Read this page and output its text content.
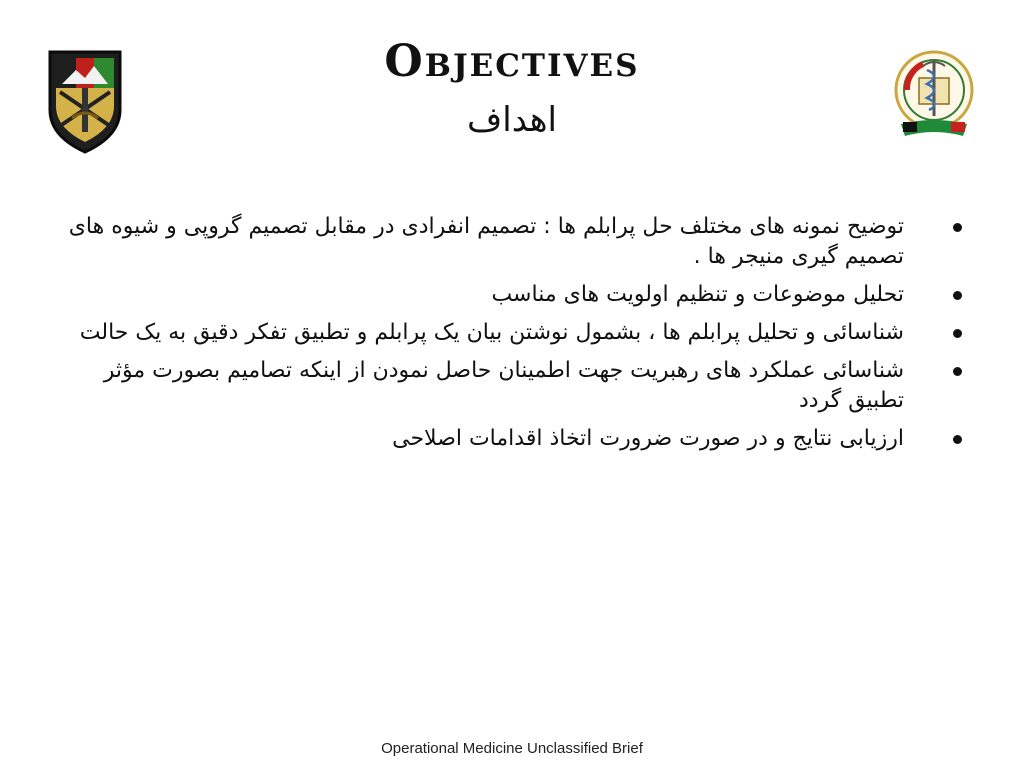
Objectives
اهداف
توضیح نمونه های مختلف حل پرابلم ها : تصمیم انفرادی در مقابل تصمیم گروپی و شیوه های تصمیم گیری منیجر ها .
تحلیل موضوعات و تنظیم اولویت های مناسب
شناسائی و تحلیل پرابلم ها ، بشمول نوشتن بیان یک پرابلم و تطبیق تفکر دقیق به یک حالت
شناسائی عملکرد های رهبریت جهت اطمینان حاصل نمودن از اینکه تصامیم بصورت مؤثر تطبیق گردد
ارزیابی نتایج و در صورت ضرورت اتخاذ اقدامات اصلاحی
Operational Medicine Unclassified Brief
